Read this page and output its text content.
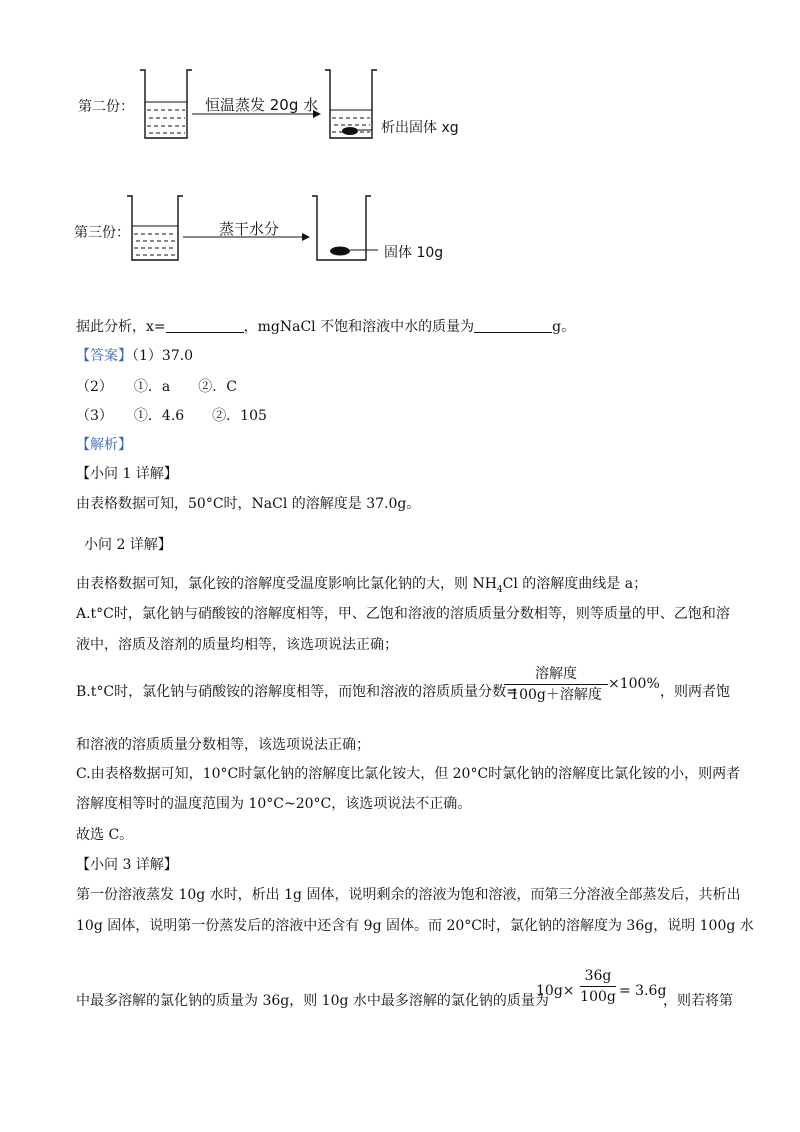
第二份：	恒温蒸发 20g 水
析出固体 xg
第三份：	蒸干水分
固体 10g
据此分析，x=	，mgNaCl 不饱和溶液中水的质量为	g。
【答案】（1）37.0
（2）　　①．a　　②．C
（3）　　①．4.6　　②．105
【解析】
【小问 1 详解】
由表格数据可知，50°C时，NaCl 的溶解度是 37.0g。
小问 2 详解】
由表格数据可知，氯化铵的溶解度受温度影响比氯化钠的大，则 $NH_4Cl$ 的溶解度曲线是 a；
A.t°C时，氯化钠与硝酸铵的溶解度相等，甲、乙饱和溶液的溶质质量分数相等，则等质量的甲、乙饱和溶
液中，溶质及溶剂的质量均相等，该选项说法正确；
B.t°C时，氯化钠与硝酸铵的溶解度相等，而饱和溶液的溶质质量分数=
溶解度
100g＋溶解度
×100% ，则两者饱
和溶液的溶质质量分数相等，该选项说法正确；
C.由表格数据可知，10°C时氯化钠的溶解度比氯化铵大，但 20°C时氯化钠的溶解度比氯化铵的小，则两者
溶解度相等时的温度范围为 10°C~20°C，该选项说法不正确。
故选 C。
【小问 3 详解】
第一份溶液蒸发 10g 水时，析出 1g 固体，说明剩余的溶液为饱和溶液，而第三分溶液全部蒸发后，共析出
10g 固体，说明第一份蒸发后的溶液中还含有 9g 固体。而 20°C时，氯化钠的溶解度为 36g，说明 100g 水
中最多溶解的氯化钠的质量为 36g，则 10g 水中最多溶解的氯化钠的质量为
10g×
36g
100g = 3.6g
，则若将第
